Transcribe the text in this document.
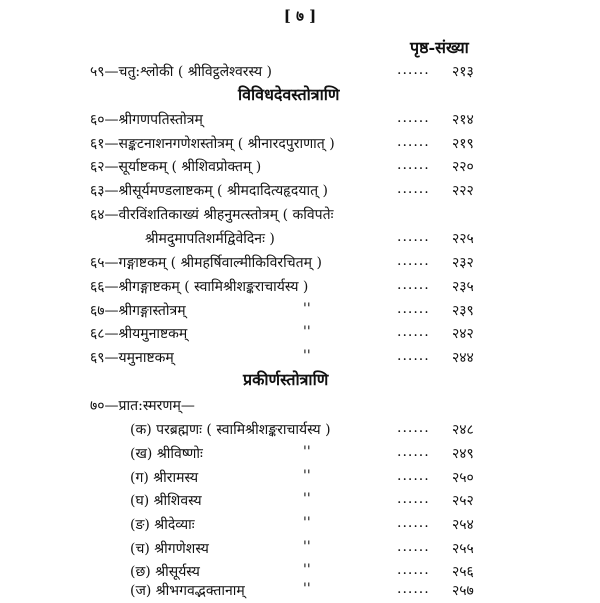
[ ७ ]
पृष्ठ-संख्या
५९—चतु:श्लोकी ( श्रीविट्ठलेश्वरस्य )	...... २१३
विविधदेवस्तोत्राणि
६०—श्रीगणपतिस्तोत्रम्	...... २१४
६१—सङ्कटनाशनगणेशस्तोत्रम् ( श्रीनारदपुराणात् )	...... २१९
६२—सूर्याष्टकम् ( श्रीशिवप्रोक्तम् )	...... २२०
६३—श्रीसूर्यमण्डलाष्टकम् ( श्रीमदादित्यहृदयात् )	...... २२२
६४—वीरविंशतिकाख्यं श्रीहनुमत्स्तोत्रम् ( कविपतेः
श्रीमदुमापतिशर्मद्विवेदिनः )	...... २२५
६५—गङ्गाष्टकम् ( श्रीमहर्षिवाल्मीकिविरचितम् )	...... २३२
६६—श्रीगङ्गाष्टकम् ( स्वामिश्रीशङ्कराचार्यस्य )	...... २३५
६७—श्रीगङ्गास्तोत्रम्	''	...... २३९
६८—श्रीयमुनाष्टकम्	''	...... २४२
६९—यमुनाष्टकम्	''	...... २४४
प्रकीर्णस्तोत्राणि
७०—प्रात:स्मरणम्—
(क) परब्रह्मणः ( स्वामिश्रीशङ्कराचार्यस्य )	...... २४८
(ख) श्रीविष्णोः	''	...... २४९
(ग) श्रीरामस्य	''	...... २५०
(घ) श्रीशिवस्य	''	...... २५२
(ङ) श्रीदेव्याः	''	...... २५४
(च) श्रीगणेशस्य	''	...... २५५
(छ) श्रीसूर्यस्य	''	...... २५६
(ज) श्रीभगवद्भक्तानाम्	''	...... २५७
